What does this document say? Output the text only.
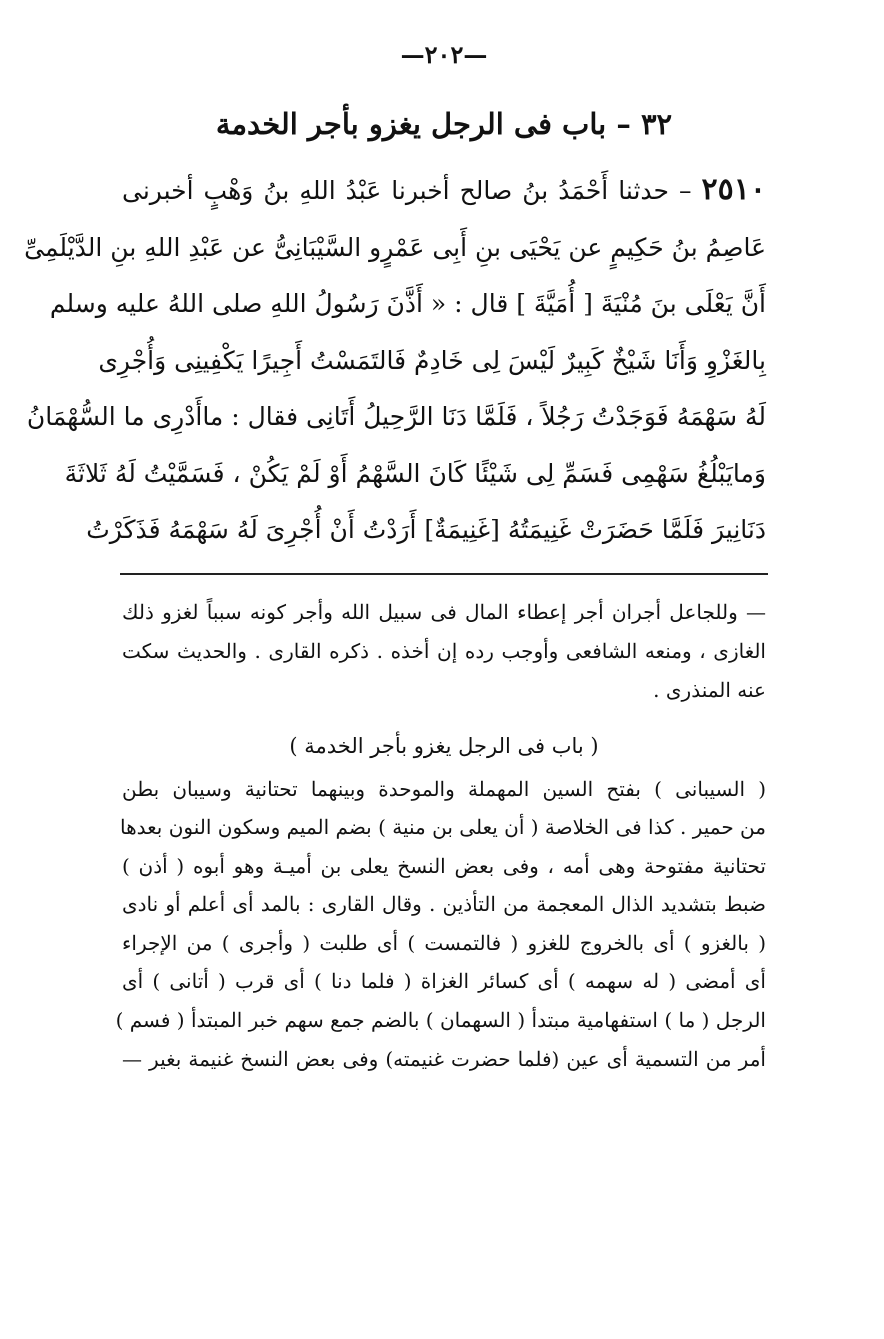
—٢٠٢—
٣٢ – باب فى الرجل يغزو بأجر الخدمة
٢٥١٠ – حدثنا أَحْمَدُ بنُ صالح أخبرنا عَبْدُ اللهِ بنُ وَهْبٍ أخبرنى
عَاصِمُ بنُ حَكِيمٍ عن يَحْيَى بنِ أَبِى عَمْرٍو السَّيْبَانِىُّ عن عَبْدِ اللهِ بنِ الدَّيْلَمِىِّ
أَنَّ يَعْلَى بنَ مُنْيَةَ [ أُمَيَّةَ ] قال : « أَذَّنَ رَسُولُ اللهِ صلى اللهُ عليه وسلم
بِالغَزْوِ وَأَنَا شَيْخٌ كَبِيرٌ لَيْسَ لِى خَادِمٌ فَالتَمَسْتُ أَجِيرًا يَكْفِينِى وَأُجْرِى
لَهُ سَهْمَهُ فَوَجَدْتُ رَجُلاً ، فَلَمَّا دَنَا الرَّحِيلُ أَتَانِى فقال : ماأَدْرِى ما السُّهْمَانُ
وَمايَبْلُغُ سَهْمِى فَسَمِّ لِى شَيْئًا كَانَ السَّهْمُ أَوْ لَمْ يَكُنْ ، فَسَمَّيْتُ لَهُ ثَلاثَةَ
دَنَانِيرَ فَلَمَّا حَضَرَتْ غَنِيمَتُهُ [غَنِيمَةٌ] أَرَدْتُ أَنْ أُجْرِىَ لَهُ سَهْمَهُ فَذَكَرْتُ
— وللجاعل أجران أجر إعطاء المال فى سبيل الله وأجر كونه سبباً لغزو ذلك الغازى ، ومنعه الشافعى وأوجب رده إن أخذه . ذكره القارى . والحديث سكت عنه المنذرى .
( باب فى الرجل يغزو بأجر الخدمة )
( السيبانى ) بفتح السين المهملة والموحدة وبينهما تحتانية وسيبان بطن
من حمير . كذا فى الخلاصة ( أن يعلى بن منية ) بضم الميم وسكون النون بعدها
تحتانية مفتوحة وهى أمه ، وفى بعض النسخ يعلى بن أميـة وهو أبوه ( أذن )
ضبط بتشديد الذال المعجمة من التأذين . وقال القارى : بالمد أى أعلم أو نادى
( بالغزو ) أى بالخروج للغزو ( فالتمست ) أى طلبت ( وأجرى ) من الإجراء
أى أمضى ( له سهمه ) أى كسائر الغزاة ( فلما دنا ) أى قرب ( أتانى ) أى
الرجل ( ما ) استفهامية مبتدأ ( السهمان ) بالضم جمع سهم خبر المبتدأ ( فسم )
أمر من التسمية أى عين (فلما حضرت غنيمته) وفى بعض النسخ غنيمة بغير —
